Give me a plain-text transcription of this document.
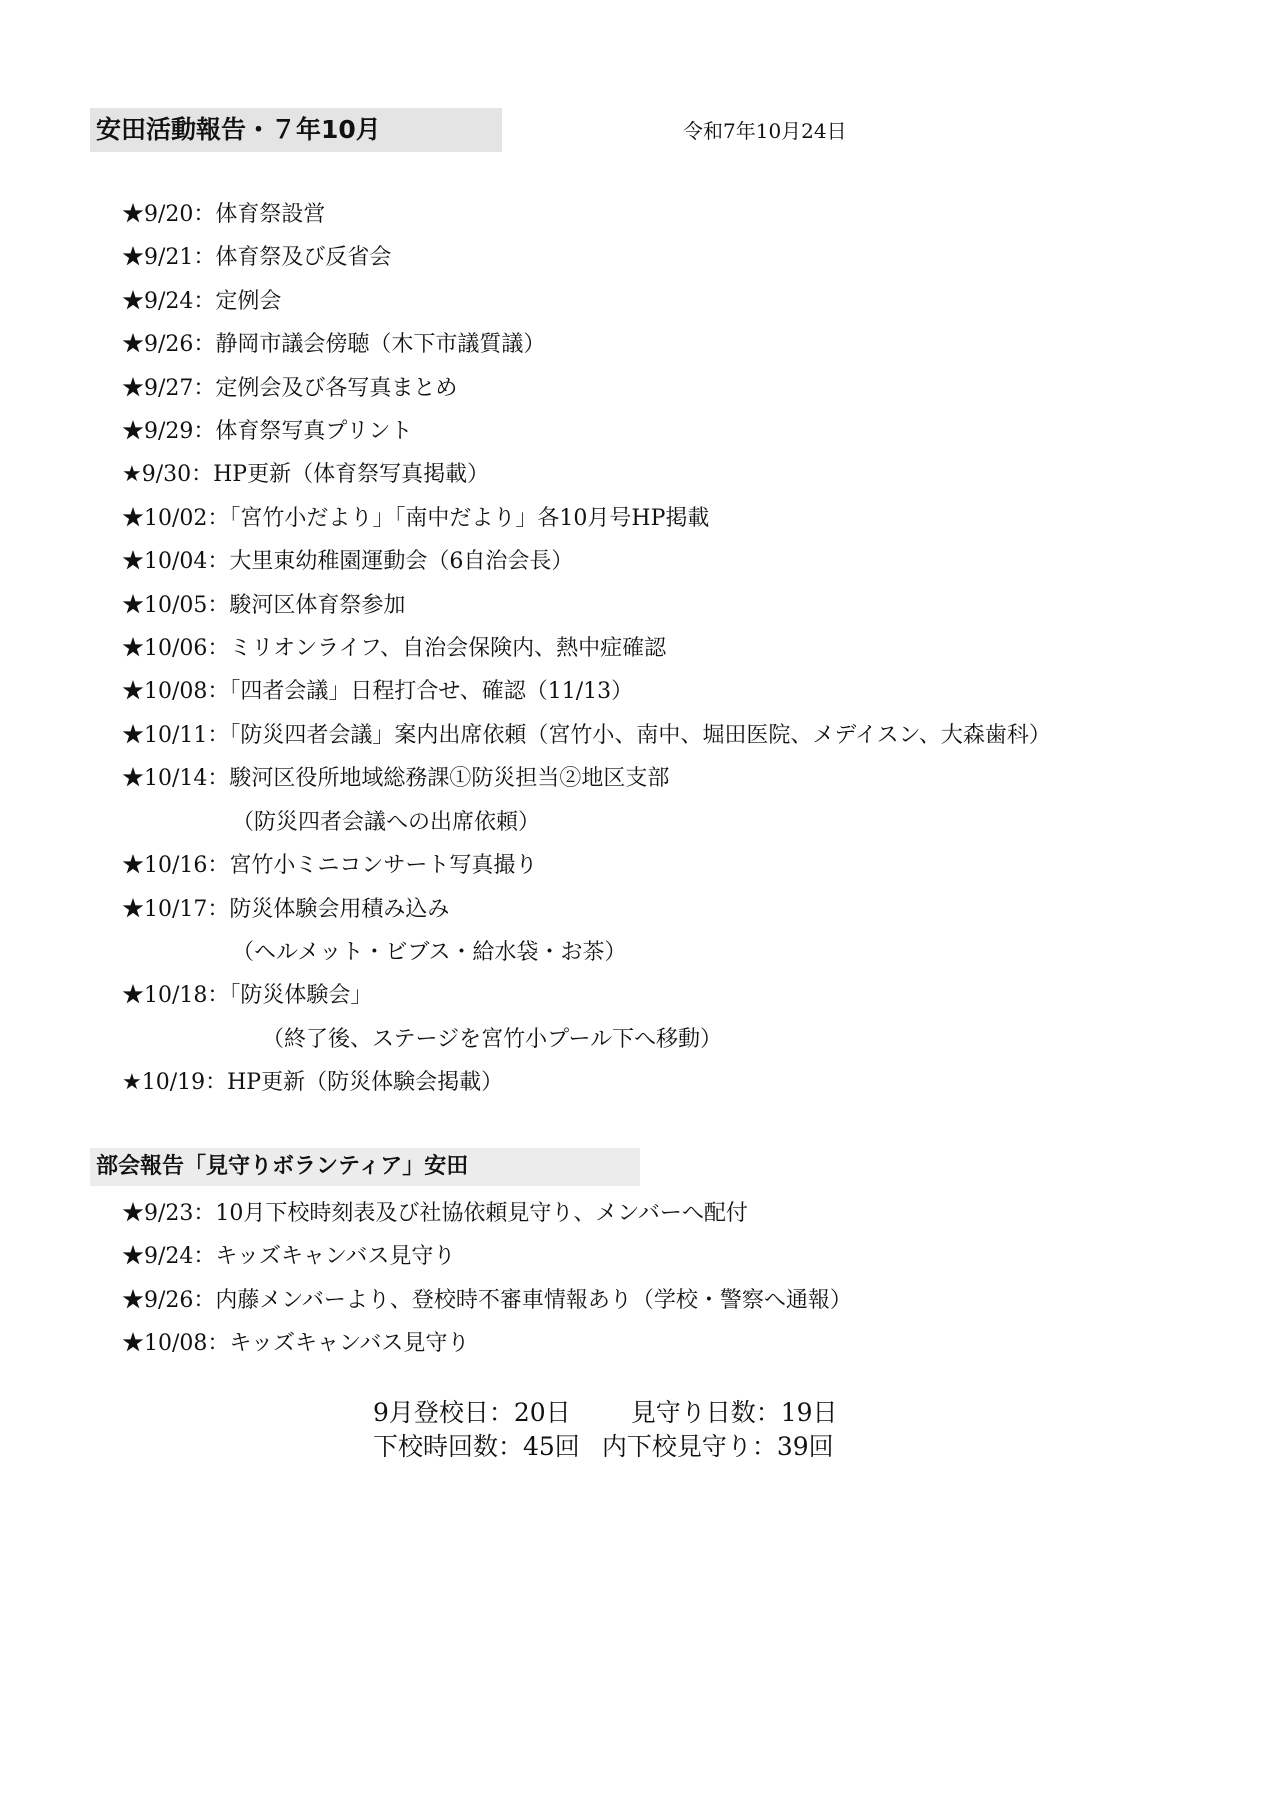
安田活動報告・７年10月	令和7年10月24日
★9/20：体育祭設営
★9/21：体育祭及び反省会
★9/24：定例会
★9/26：静岡市議会傍聴（木下市議質議）
★9/27：定例会及び各写真まとめ
★9/29：体育祭写真プリント
★9/30：HP更新（体育祭写真掲載）
★10/02：「宮竹小だより」「南中だより」各10月号HP掲載
★10/04：大里東幼稚園運動会（6自治会長）
★10/05：駿河区体育祭参加
★10/06：ミリオンライフ、自治会保険内、熱中症確認
★10/08：「四者会議」日程打合せ、確認（11/13）
★10/11：「防災四者会議」案内出席依頼（宮竹小、南中、堀田医院、メデイスン、大森歯科）
★10/14：駿河区役所地域総務課①防災担当②地区支部
（防災四者会議への出席依頼）
★10/16：宮竹小ミニコンサート写真撮り
★10/17：防災体験会用積み込み
（ヘルメット・ビブス・給水袋・お茶）
★10/18：「防災体験会」
（終了後、ステージを宮竹小プール下へ移動）
★10/19：HP更新（防災体験会掲載）
部会報告「見守りボランティア」安田
★9/23：10月下校時刻表及び社協依頼見守り、メンバーへ配付
★9/24：キッズキャンバス見守り
★9/26：内藤メンバーより、登校時不審車情報あり（学校・警察へ通報）
★10/08：キッズキャンバス見守り
9月登校日：20日 見守り日数：19日
下校時回数：45回 内下校見守り：39回
